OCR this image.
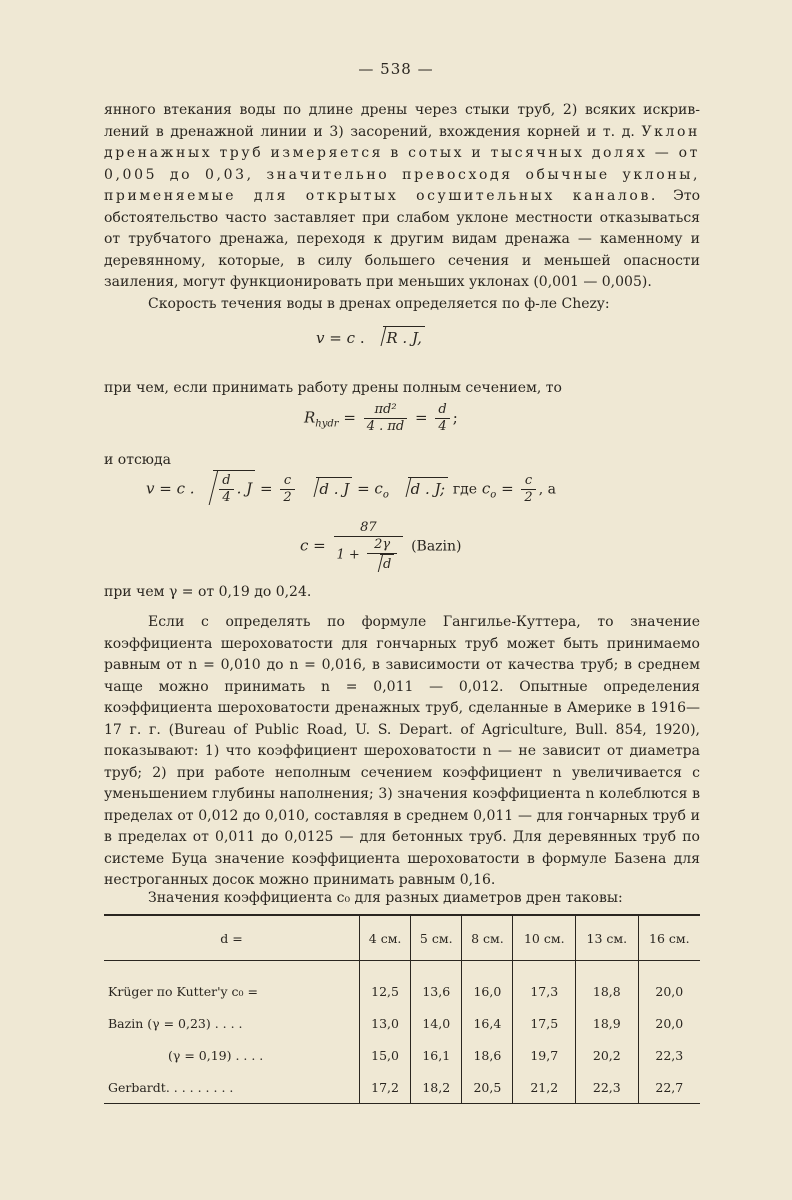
— 538 —

янного втекания воды по длине дрены через стыки труб, 2) всяких искрив- лений в дренажной линии и 3) засорений, вхождения корней и т. д. Уклон дренажных труб измеряется в сотых и тысячных долях — от 0,005 до 0,03, значительно превосходя обычные уклоны, применяемые для открытых осушительных каналов. Это обстоятельство часто заставляет при слабом уклоне местности отказываться от трубчатого дренажа, переходя к другим видам дренажа — каменному и деревянному, которые, в силу большего сечения и меньшей опасности заиления, могут функционировать при меньших уклонах (0,001 — 0,005).

Скорость течения воды в дренах определяется по ф-ле Chezy:
v = c . R . J,
при чем, если принимать работу дрены полным сечением, то
$R_{hydr} = \frac{\text{πd²}}{4 . \pi d} = \frac{d}{4}$ ;
и отсюда
v = c . $\frac{d}{4}$ . $J = \frac{c}{2}$ d . $J = c_o$ d . J; где $c_o = \frac{c}{2}$ , а
$c = \frac{87}{1 + \frac{2\gamma}{d}}$ (Bazin)
при чем γ = от 0,19 до 0,24.
Если c определять по формуле Гангилье-Куттера, то значение коэффициента шероховатости для гончарных труб может быть принимаемо равным от n = 0,010 до n = 0,016, в зависимости от качества труб; в среднем чаще можно принимать n = 0,011 — 0,012. Опытные определения коэффициента шероховатости дренажных труб, сделанные в Америке в 1916—17 г. г. (Bureau of Public Road, U. S. Depart. of Agriculture, Bull. 854, 1920), показывают: 1) что коэффициент шероховатости n — не зависит от диаметра труб; 2) при работе неполным сечением коэффициент n увеличивается с уменьшением глубины наполнения; 3) значения коэффициента n колеблются в пределах от 0,012 до 0,010, составляя в среднем 0,011 — для гончарных труб и в пределах от 0,011 до 0,0125 — для бетонных труб. Для деревянных труб по системе Буца значение коэффициента шероховатости в формуле Базена для нестроганных досок можно принимать равным 0,16.
Значения коэффициента c₀ для разных диаметров дрен таковы:
d =	4 см.	5 см.	8 см.	10 см.	13 см.	16 см.

Krüger по Kutter'y c₀ =	12,5	13,6	16,0	17,3	18,8	20,0
Bazin (γ = 0,23) . . . .	13,0	14,0	16,4	17,5	18,9	20,0
(γ = 0,19) . . . .	15,0	16,1	18,6	19,7	20,2	22,3
Gerbardt. . . . . . . . .	17,2	18,2	20,5	21,2	22,3	22,7
